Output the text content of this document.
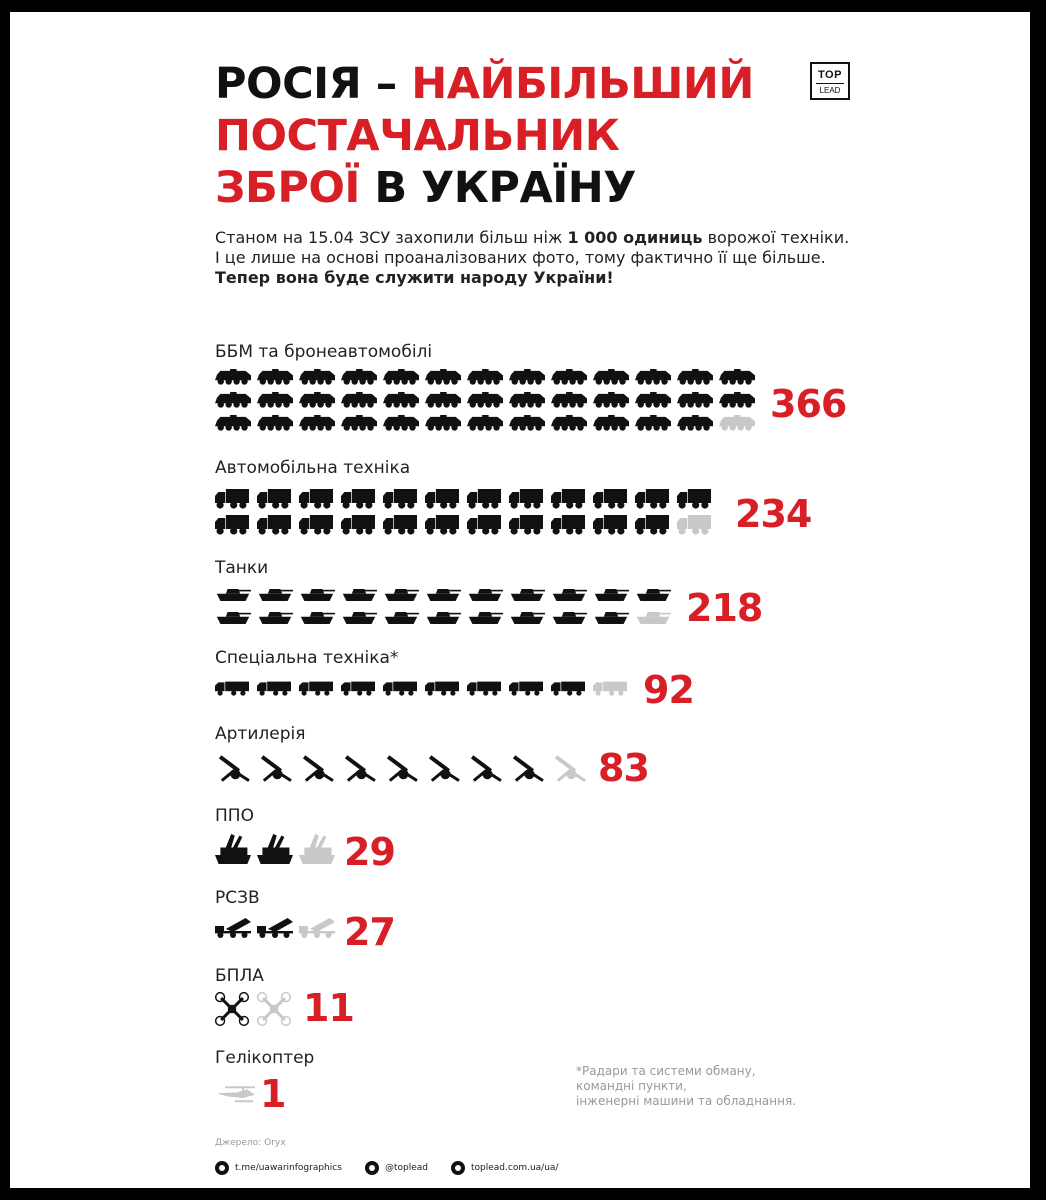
РОСІЯ – НАЙБІЛЬШИЙ
ПОСТАЧАЛЬНИК
ЗБРОЇ В УКРАЇНУ
TOP
LEAD
Станом на 15.04 ЗСУ захопили більш ніж 1 000 одиниць ворожої техніки. І це лише на основі проаналізованих фото, тому фактично її ще більше.
Тепер вона буде служити народу України!
ББМ та бронеавтомобілі
Автомобільна техніка
Танки
Спеціальна техніка*
Артилерія
ППО
РСЗВ
БПЛА
Гелікоптер
*Радари та системи обману,
командні пункти,
інженерні машини та обладнання.
Джерело: Oryx
t.me/uawarinfographics	@toplead	toplead.com.ua/ua/
366
234
218
92
83
29
27
11
1
